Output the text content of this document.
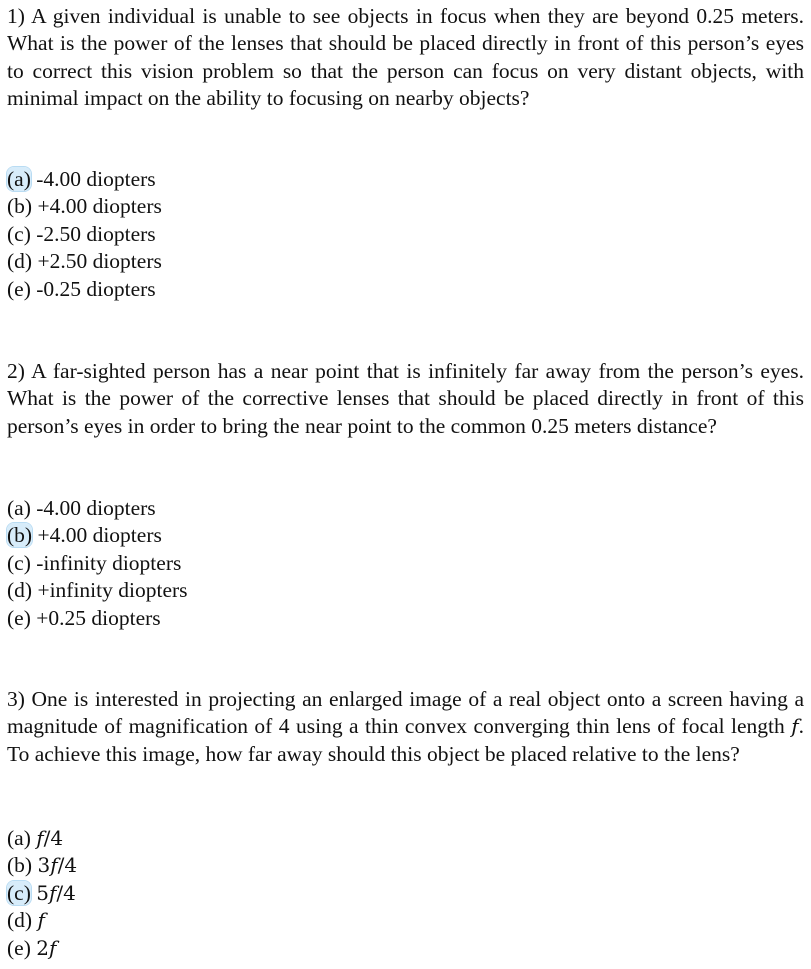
1) A given individual is unable to see objects in focus when they are beyond 0.25 meters. What is the power of the lenses that should be placed directly in front of this person’s eyes to correct this vision problem so that the person can focus on very distant objects, with minimal impact on the ability to focusing on nearby objects?

(a) -4.00 diopters
(b) +4.00 diopters
(c) -2.50 diopters
(d) +2.50 diopters
(e) -0.25 diopters

2) A far-sighted person has a near point that is infinitely far away from the person’s eyes. What is the power of the corrective lenses that should be placed directly in front of this person’s eyes in order to bring the near point to the common 0.25 meters distance?

(a) -4.00 diopters
(b) +4.00 diopters
(c) -infinity diopters
(d) +infinity diopters
(e) +0.25 diopters

3) One is interested in projecting an enlarged image of a real object onto a screen having a magnitude of magnification of 4 using a thin convex converging thin lens of focal length f. To achieve this image, how far away should this object be placed relative to the lens?

(a) f/4
(b) 3f/4
(c) 5f/4
(d) f
(e) 2f
